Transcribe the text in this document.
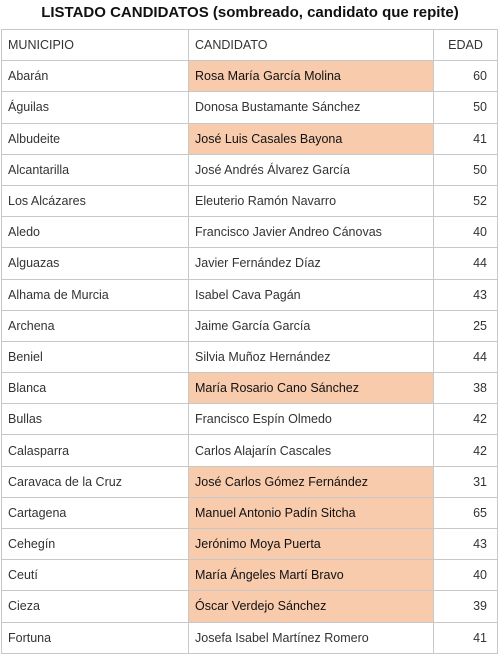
LISTADO CANDIDATOS (sombreado, candidato que repite)
MUNICIPIO	CANDIDATO	EDAD
Abarán	Rosa María García Molina	60
Águilas	Donosa Bustamante Sánchez	50
Albudeite	José Luis Casales Bayona	41
Alcantarilla	José Andrés Álvarez García	50
Los Alcázares	Eleuterio Ramón Navarro	52
Aledo	Francisco Javier Andreo Cánovas	40
Alguazas	Javier Fernández Díaz	44
Alhama de Murcia	Isabel Cava Pagán	43
Archena	Jaime García García	25
Beniel	Silvia Muñoz Hernández	44
Blanca	María Rosario Cano Sánchez	38
Bullas	Francisco Espín Olmedo	42
Calasparra	Carlos Alajarín Cascales	42
Caravaca de la Cruz	José Carlos Gómez Fernández	31
Cartagena	Manuel Antonio Padín Sitcha	65
Cehegín	Jerónimo Moya Puerta	43
Ceutí	María Ángeles Martí Bravo	40
Cieza	Óscar Verdejo Sánchez	39
Fortuna	Josefa Isabel Martínez Romero	41
